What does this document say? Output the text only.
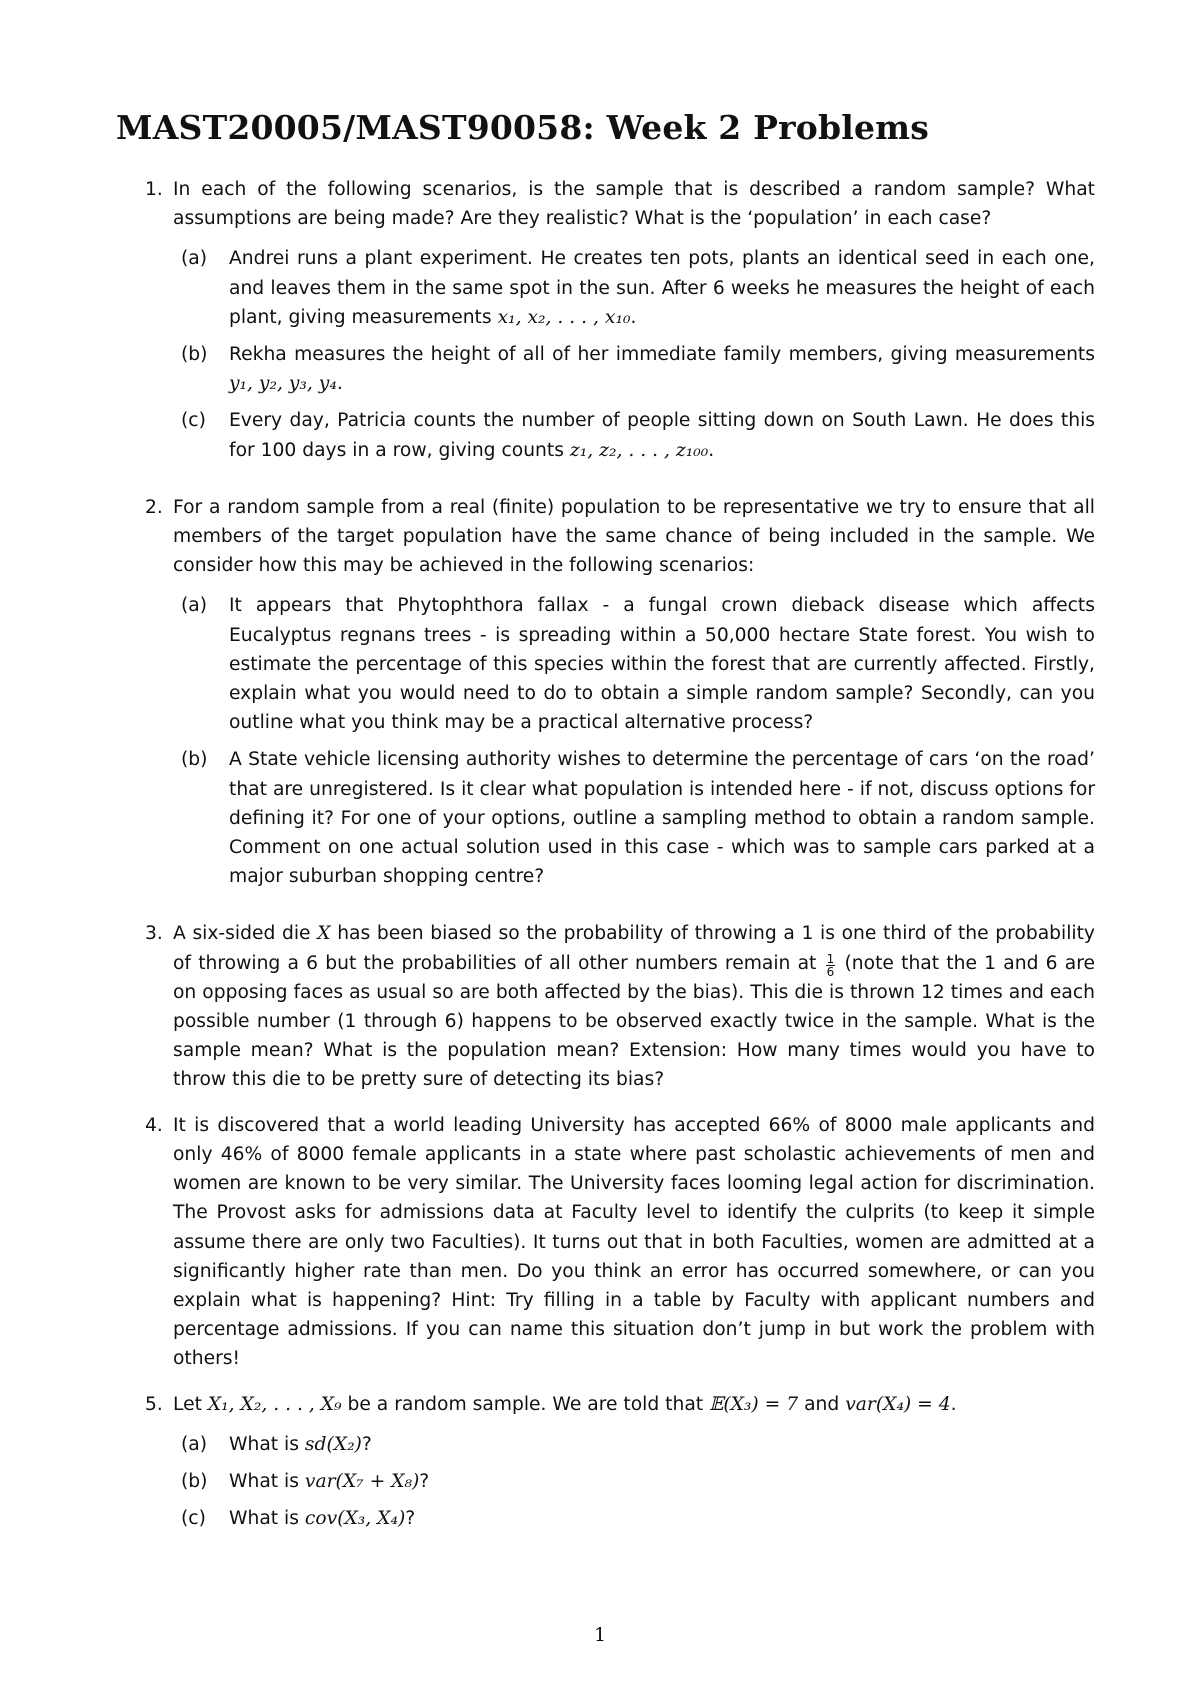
MAST20005/MAST90058: Week 2 Problems
1. In each of the following scenarios, is the sample that is described a random sample? What assumptions are being made? Are they realistic? What is the ‘population’ in each case?
(a)	Andrei runs a plant experiment. He creates ten pots, plants an identical seed in each one, and leaves them in the same spot in the sun. After 6 weeks he measures the height of each plant, giving measurements x₁, x₂, . . . , x₁₀.
(b)	Rekha measures the height of all of her immediate family members, giving measurements y₁, y₂, y₃, y₄.
(c)	Every day, Patricia counts the number of people sitting down on South Lawn. He does this for 100 days in a row, giving counts z₁, z₂, . . . , z₁₀₀.
2. For a random sample from a real (finite) population to be representative we try to ensure that all members of the target population have the same chance of being included in the sample. We consider how this may be achieved in the following scenarios:
(a)	It appears that Phytophthora fallax - a fungal crown dieback disease which affects Eucalyptus regnans trees - is spreading within a 50,000 hectare State forest. You wish to estimate the percentage of this species within the forest that are currently affected. Firstly, explain what you would need to do to obtain a simple random sample? Secondly, can you outline what you think may be a practical alternative process?
(b)	A State vehicle licensing authority wishes to determine the percentage of cars ‘on the road’ that are unregistered. Is it clear what population is intended here - if not, discuss options for defining it? For one of your options, outline a sampling method to obtain a random sample. Comment on one actual solution used in this case - which was to sample cars parked at a major suburban shopping centre?
3. A six-sided die X has been biased so the probability of throwing a 1 is one third of the probability of throwing a 6 but the probabilities of all other numbers remain at $\frac{1}{6}$ (note that the 1 and 6 are on opposing faces as usual so are both affected by the bias). This die is thrown 12 times and each possible number (1 through 6) happens to be observed exactly twice in the sample. What is the sample mean? What is the population mean? Extension: How many times would you have to throw this die to be pretty sure of detecting its bias?
4. It is discovered that a world leading University has accepted 66% of 8000 male applicants and only 46% of 8000 female applicants in a state where past scholastic achievements of men and women are known to be very similar. The University faces looming legal action for discrimination. The Provost asks for admissions data at Faculty level to identify the culprits (to keep it simple assume there are only two Faculties). It turns out that in both Faculties, women are admitted at a significantly higher rate than men. Do you think an error has occurred somewhere, or can you explain what is happening? Hint: Try filling in a table by Faculty with applicant numbers and percentage admissions. If you can name this situation don’t jump in but work the problem with others!
5. Let X₁, X₂, . . . , X₉ be a random sample. We are told that 𝔼(X₃) = 7 and var(X₄) = 4.
(a)	What is sd(X₂)?
(b)	What is var(X₇ + X₈)?
(c)	What is cov(X₃, X₄)?
1
